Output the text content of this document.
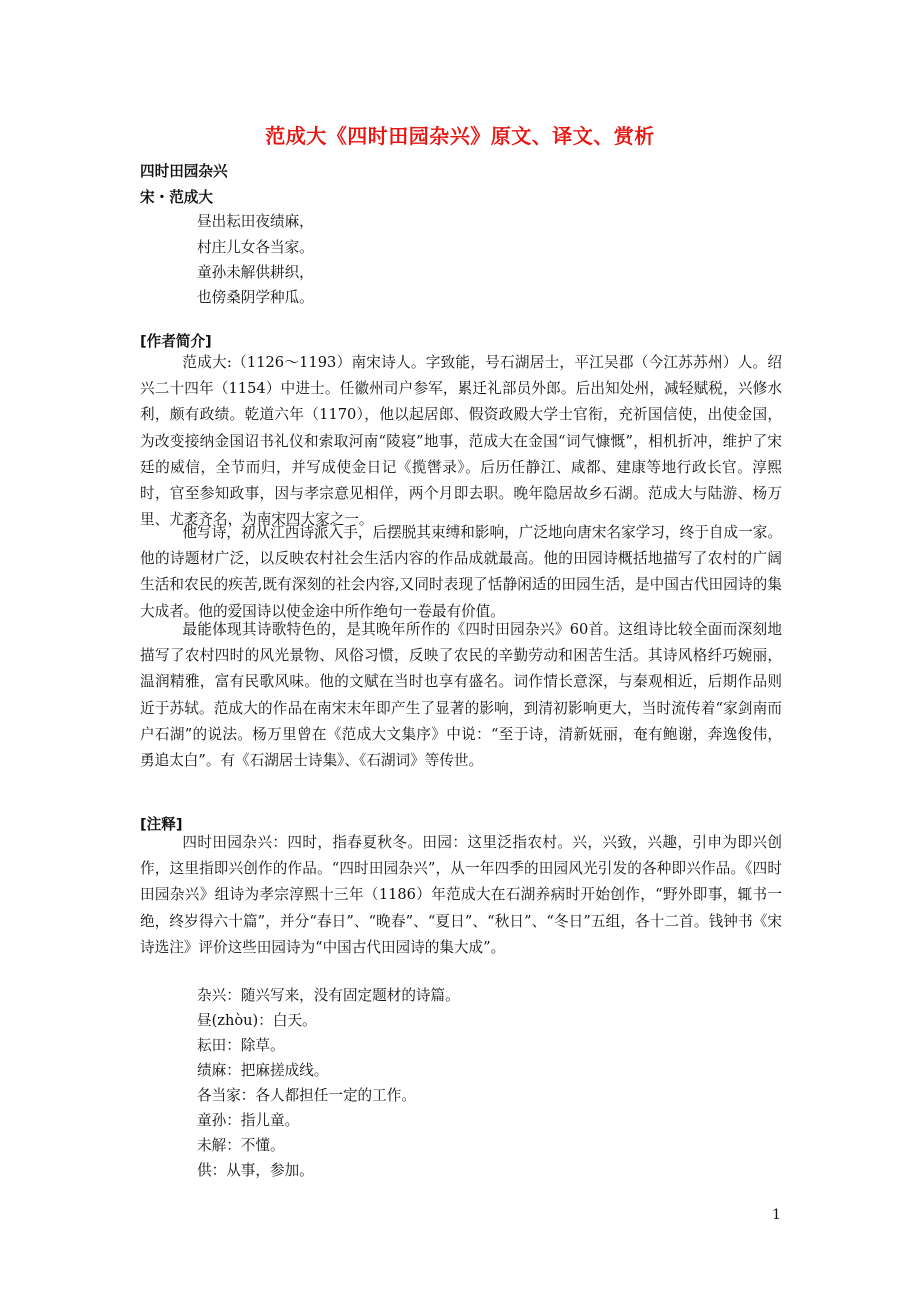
范成大《四时田园杂兴》原文、译文、赏析
四时田园杂兴
宋・范成大
昼出耘田夜绩麻，
村庄儿女各当家。
童孙未解供耕织，
也傍桑阴学种瓜。
[作者简介]

范成大:（1126～1193）南宋诗人。字致能，号石湖居士，平江吴郡（今江苏苏州）人。绍兴二十四年（1154）中进士。任徽州司户参军，累迁礼部员外郎。后出知处州，减轻赋税，兴修水利，颇有政绩。乾道六年（1170），他以起居郎、假资政殿大学士官衔，充祈国信使，出使金国，为改变接纳金国诏书礼仪和索取河南“陵寝”地事，范成大在金国“词气慷慨”，相机折冲，维护了宋廷的威信，全节而归，并写成使金日记《揽辔录》。后历任静江、咸都、建康等地行政长官。淳熙时，官至参知政事，因与孝宗意见相佯，两个月即去职。晚年隐居故乡石湖。范成大与陆游、杨万里、尤袤齐名，为南宋四大家之一。

他写诗，初从江西诗派入手，后摆脱其束缚和影响，广泛地向唐宋名家学习，终于自成一家。他的诗题材广泛，以反映农村社会生活内容的作品成就最高。他的田园诗概括地描写了农村的广阔生活和农民的疾苦,既有深刻的社会内容,又同时表现了恬静闲适的田园生活，是中国古代田园诗的集大成者。他的爱国诗以使金途中所作绝句一卷最有价值。

最能体现其诗歌特色的，是其晚年所作的《四时田园杂兴》60首。这组诗比较全面而深刻地描写了农村四时的风光景物、风俗习惯，反映了农民的辛勤劳动和困苦生活。其诗风格纤巧婉丽，温润精雅，富有民歌风味。他的文赋在当时也享有盛名。词作情长意深，与秦观相近，后期作品则近于苏轼。范成大的作品在南宋末年即产生了显著的影响，到清初影响更大，当时流传着“家剑南而户石湖”的说法。杨万里曾在《范成大文集序》中说：“至于诗，清新妩丽，奄有鲍谢，奔逸俊伟，勇追太白”。有《石湖居士诗集》、《石湖词》等传世。

[注释]

四时田园杂兴：四时，指春夏秋冬。田园：这里泛指农村。兴，兴致，兴趣，引申为即兴创作，这里指即兴创作的作品。“四时田园杂兴”，从一年四季的田园风光引发的各种即兴作品。《四时田园杂兴》组诗为孝宗淳熙十三年（1186）年范成大在石湖养病时开始创作，“野外即事，辄书一绝，终岁得六十篇”，并分“春日”、“晚春”、“夏日”、“秋日”、“冬日”五组，各十二首。钱钟书《宋诗选注》评价这些田园诗为“中国古代田园诗的集大成”。

杂兴：随兴写来，没有固定题材的诗篇。
昼(zhòu)：白天。
耘田：除草。
绩麻：把麻搓成线。
各当家：各人都担任一定的工作。
童孙：指儿童。
未解：不懂。
供：从事，参加。
1
